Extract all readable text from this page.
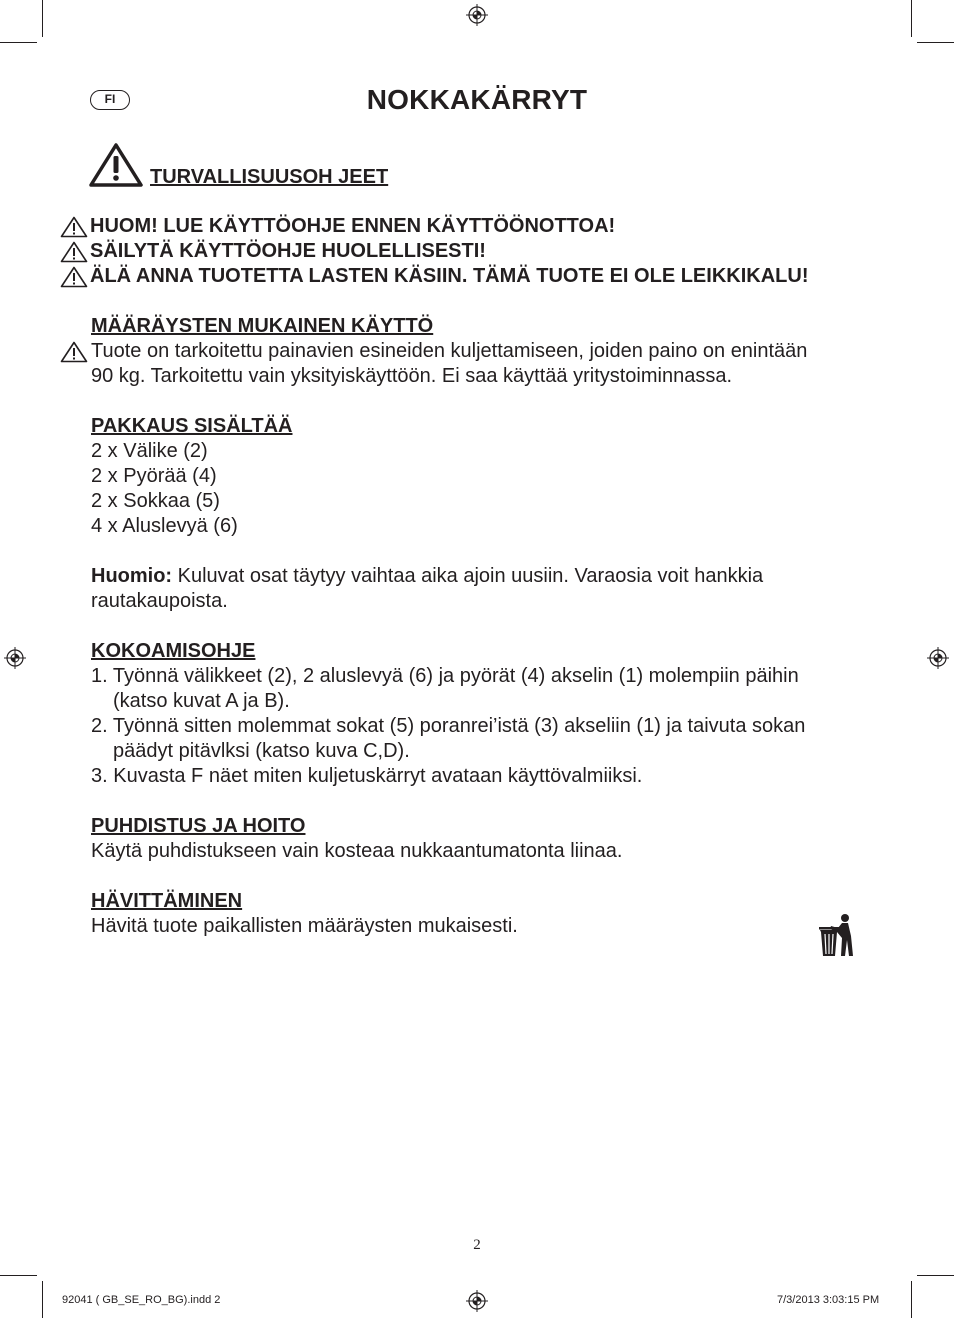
FI	NOKKAKÄRRYT
TURVALLISUUSOH JEET
HUOM! LUE KÄYTTÖOHJE ENNEN KÄYTTÖÖNOTTOA!
SÄILYTÄ KÄYTTÖOHJE HUOLELLISESTI!
ÄLÄ ANNA TUOTETTA LASTEN KÄSIIN. TÄMÄ TUOTE EI OLE LEIKKIKALU!

MÄÄRÄYSTEN MUKAINEN KÄYTTÖ

Tuote on tarkoitettu painavien esineiden kuljettamiseen, joiden paino on enintään

90 kg. Tarkoitettu vain yksityiskäyttöön. Ei saa käyttää yritystoiminnassa.

PAKKAUS SISÄLTÄÄ

2 x Välike (2)

2 x Pyörää (4)

2 x Sokkaa (5)

4 x Aluslevyä (6)

Huomio: Kuluvat osat täytyy vaihtaa aika ajoin uusiin. Varaosia voit hankkia

rautakaupoista.

KOKOAMISOHJE

1. Työnnä välikkeet (2), 2 aluslevyä (6) ja pyörät (4) akselin (1) molempiin päihin
(katso kuvat A ja B).
2. Työnnä sitten molemmat sokat (5) poranrei’istä (3) akseliin (1) ja taivuta sokan
päädyt pitävlksi (katso kuva C,D).
3. Kuvasta F näet miten kuljetuskärryt avataan käyttövalmiiksi.

PUHDISTUS JA HOITO

Käytä puhdistukseen vain kosteaa nukkaantumatonta liinaa.

HÄVITTÄMINEN

Hävitä tuote paikallisten määräysten mukaisesti.

2
92041 ( GB_SE_RO_BG).indd 2	7/3/2013 3:03:15 PM
